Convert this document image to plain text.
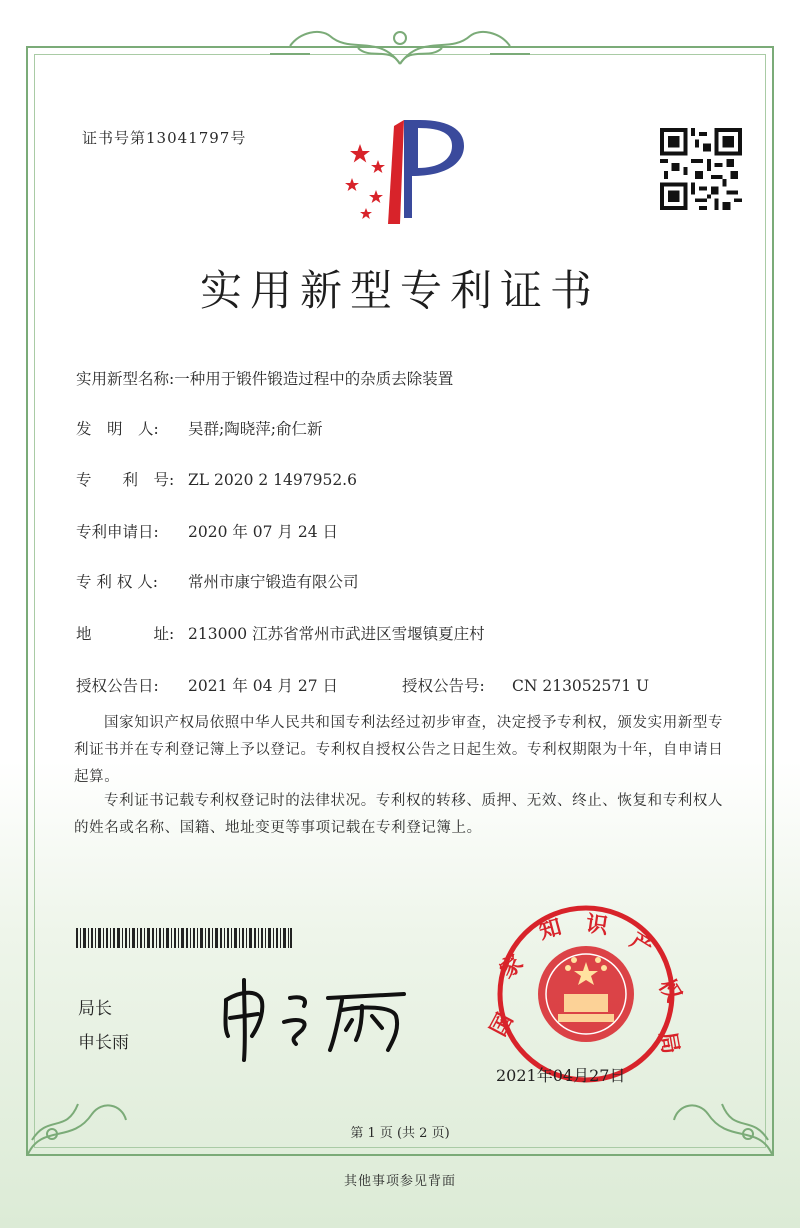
证书号第13041797号
实用新型专利证书
实用新型名称:一种用于锻件锻造过程中的杂质去除装置
发　明　人: 吴群;陶晓萍;俞仁新
专　　利　号: ZL 2020 2 1497952.6
专利申请日: 2020 年 07 月 24 日
专 利 权 人: 常州市康宁锻造有限公司
地　　　　址: 213000 江苏省常州市武进区雪堰镇夏庄村
授权公告日: 2021 年 04 月 27 日	授权公告号: CN 213052571 U
国家知识产权局依照中华人民共和国专利法经过初步审查，决定授予专利权，颁发实用新型专利证书并在专利登记簿上予以登记。专利权自授权公告之日起生效。专利权期限为十年，自申请日起算。
专利证书记载专利权登记时的法律状况。专利权的转移、质押、无效、终止、恢复和专利权人的姓名或名称、国籍、地址变更等事项记载在专利登记簿上。
局长
申长雨
国
家
知 识
产
权
局
2021年04月27日
第 1 页 (共 2 页)
其他事项参见背面
